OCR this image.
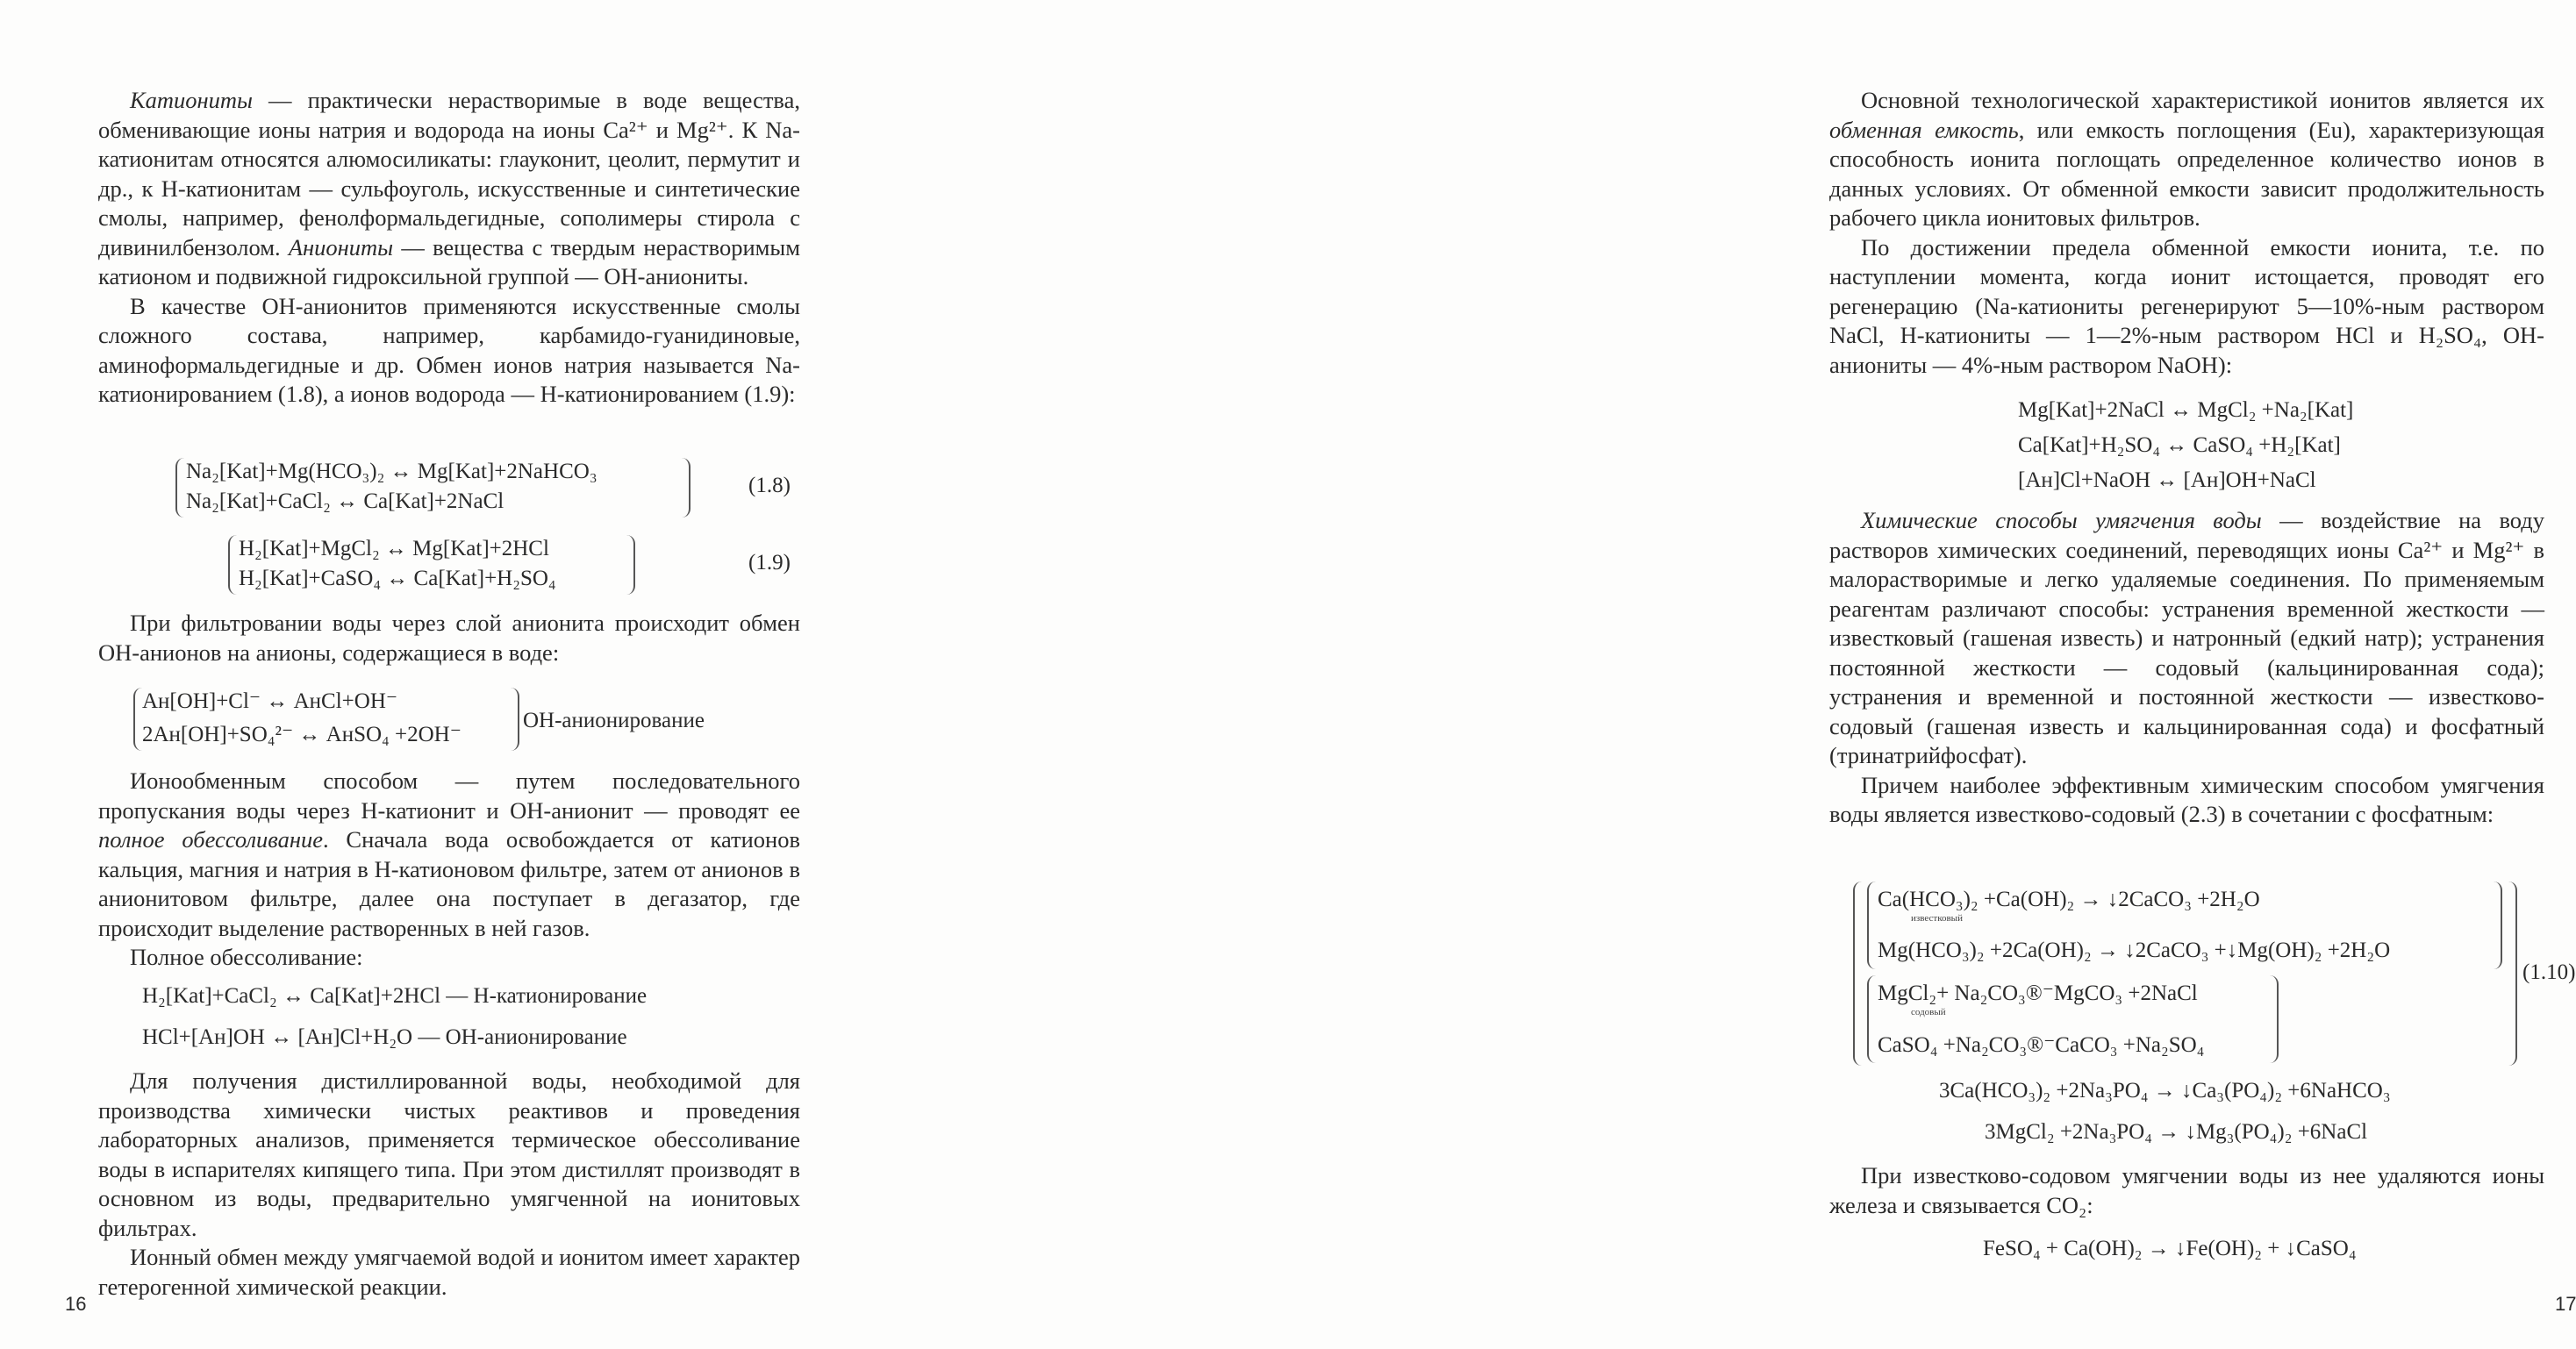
Катиониты — практически нерастворимые в воде вещества, обменивающие ионы натрия и водорода на ионы Ca²⁺ и Mg²⁺. К Na-катионитам относятся алюмосиликаты: глауконит, цеолит, пермутит и др., к Н-катионитам — сульфоуголь, искусственные и синтетические смолы, например, фенолформальдегидные, сополимеры стирола с дивинилбензолом. Аниониты — вещества с твердым нерастворимым катионом и подвижной гидроксильной группой — ОН-аниониты.

В качестве ОН-анионитов применяются искусственные смолы сложного состава, например, карбамидо-гуанидиновые, аминоформальдегидные и др. Обмен ионов натрия называется Na-катионированием (1.8), а ионов водорода — Н-катионированием (1.9):

Na₂[Kat]+Mg(HCO₃)₂ ↔ Mg[Kat]+2NaHCO₃
Na₂[Kat]+CaCl₂ ↔ Ca[Kat]+2NaCl
(1.8)
H₂[Kat]+MgCl₂ ↔ Mg[Kat]+2HCl
H₂[Kat]+CaSO₄ ↔ Ca[Kat]+H₂SO₄
(1.9)

При фильтровании воды через слой анионита происходит обмен ОН-анионов на анионы, содержащиеся в воде:

Ан[OH]+Cl⁻ ↔ АнCl+OH⁻
2Ан[OH]+SO₄²⁻ ↔ АнSO₄ +2OH⁻
ОН-анионирование

Ионообменным способом — путем последовательного пропускания воды через Н-катионит и ОН-анионит — проводят ее полное обессоливание. Сначала вода освобождается от катионов кальция, магния и натрия в Н-катионовом фильтре, затем от анионов в анионитовом фильтре, далее она поступает в дегазатор, где происходит выделение растворенных в ней газов.

Полное обессоливание:

H₂[Kat]+CaCl₂ ↔ Ca[Kat]+2HCl — Н-катионирование
HCl+[Ан]OH ↔ [Ан]Cl+H₂O — ОН-анионирование

Для получения дистиллированной воды, необходимой для производства химически чистых реактивов и проведения лабораторных анализов, применяется термическое обессоливание воды в испарителях кипящего типа. При этом дистиллят производят в основном из воды, предварительно умягченной на ионитовых фильтрах.

Ионный обмен между умягчаемой водой и ионитом имеет характер гетерогенной химической реакции.

16

Основной технологической характеристикой ионитов является их обменная емкость, или емкость поглощения (Eu), характеризующая способность ионита поглощать определенное количество ионов в данных условиях. От обменной емкости зависит продолжительность рабочего цикла ионитовых фильтров.

По достижении предела обменной емкости ионита, т.е. по наступлении момента, когда ионит истощается, проводят его регенерацию (Na-катиониты регенерируют 5—10%-ным раствором NaCl, Н-катиониты — 1—2%-ным раствором HCl и H₂SO₄, ОН-аниониты — 4%-ным раствором NaOH):

Mg[Kat]+2NaCl ↔ MgCl₂ +Na₂[Kat]
Ca[Kat]+H₂SO₄ ↔ CaSO₄ +H₂[Kat]
[Ан]Cl+NaOH ↔ [Ан]OH+NaCl

Химические способы умягчения воды — воздействие на воду растворов химических соединений, переводящих ионы Ca²⁺ и Mg²⁺ в малорастворимые и легко удаляемые соединения. По применяемым реагентам различают способы: устранения временной жесткости — известковый (гашеная известь) и натронный (едкий натр); устранения постоянной жесткости — содовый (кальцинированная сода); устранения и временной и постоянной жесткости — известково-содовый (гашеная известь и кальцинированная сода) и фосфатный (тринатрийфосфат).

Причем наиболее эффективным химическим способом умягчения воды является известково-содовый (2.3) в сочетании с фосфатным:

Ca(HCO₃)₂ +Ca(OH)₂ → ↓2CaCO₃ +2H₂O
известковый
Mg(HCO₃)₂ +2Ca(OH)₂ → ↓2CaCO₃ +↓Mg(OH)₂ +2H₂O
MgCl₂+ Na₂CO₃®⁻MgCO₃ +2NaCl
содовый
CaSO₄ +Na₂CO₃®⁻CaCO₃ +Na₂SO₄
(1.10)
3Ca(HCO₃)₂ +2Na₃PO₄ → ↓Ca₃(PO₄)₂ +6NaHCO₃
3MgCl₂ +2Na₃PO₄ → ↓Mg₃(PO₄)₂ +6NaCl

При известково-содовом умягчении воды из нее удаляются ионы железа и связывается CO₂:

FeSO₄ + Ca(OH)₂ → ↓Fe(OH)₂ + ↓CaSO₄
17
